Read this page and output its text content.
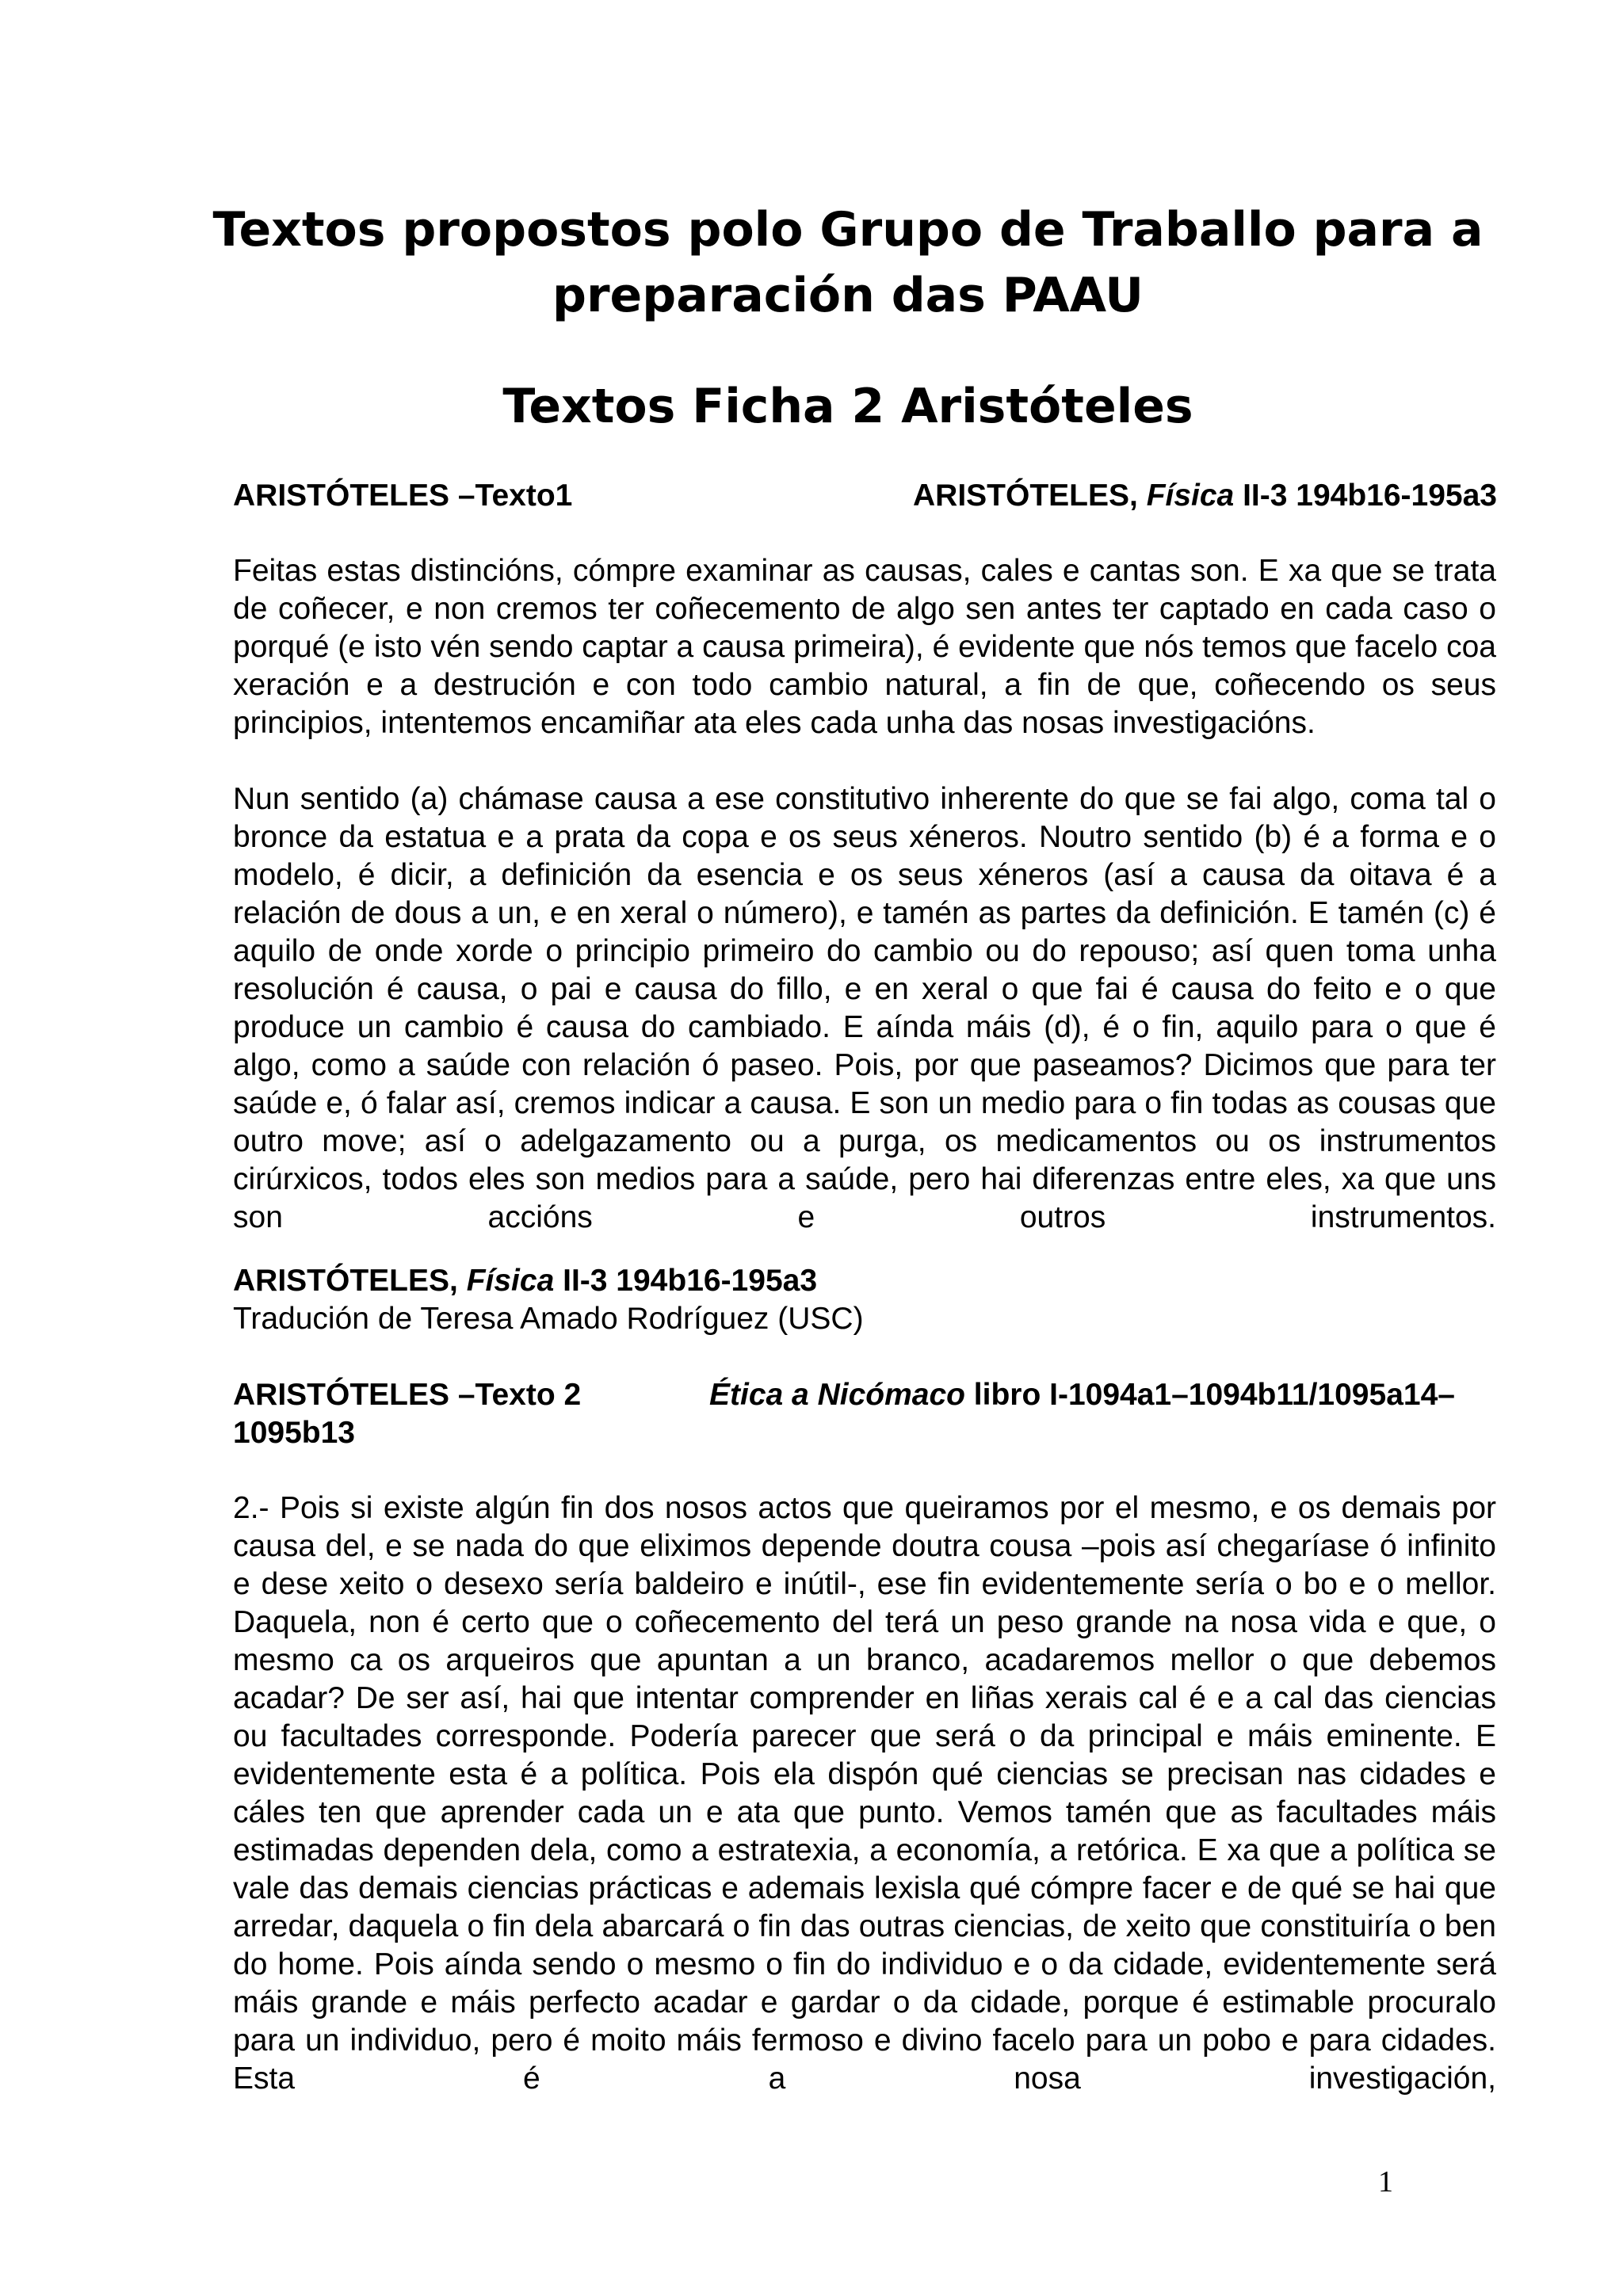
Textos propostos polo Grupo de Traballo para a
preparación das PAAU
Textos Ficha 2 Aristóteles
ARISTÓTELES –Texto1	ARISTÓTELES, Física II-3 194b16-195a3
Feitas estas distincións, cómpre examinar as causas, cales e cantas son. E xa que se trata de coñecer, e non cremos ter coñecemento de algo sen antes ter captado en cada caso o porqué (e isto vén sendo captar a causa primeira), é evidente que nós temos que facelo coa xeración e a destrución e con todo cambio natural, a fin de que, coñecendo os seus principios, intentemos encamiñar ata eles cada unha das nosas investigacións.
Nun sentido (a) chámase causa a ese constitutivo inherente do que se fai algo, coma tal o bronce da estatua e a prata da copa e os seus xéneros. Noutro sentido (b) é a forma e o modelo, é dicir, a definición da esencia e os seus xéneros (así a causa da oitava é a relación de dous a un, e en xeral o número), e tamén as partes da definición. E tamén (c) é aquilo de onde xorde o principio primeiro do cambio ou do repouso; así quen toma unha resolución é causa, o pai e causa do fillo, e en xeral o que fai é causa do feito e o que produce un cambio é causa do cambiado. E aínda máis (d), é o fin, aquilo para o que é algo, como a saúde con relación ó paseo. Pois, por que paseamos? Dicimos que para ter saúde e, ó falar así, cremos indicar a causa. E son un medio para o fin todas as cousas que outro move; así o adelgazamento ou a purga, os medicamentos ou os instrumentos cirúrxicos, todos eles son medios para a saúde, pero hai diferenzas entre eles, xa que uns son accións e outros instrumentos.
ARISTÓTELES, Física II-3 194b16-195a3
Tradución de Teresa Amado Rodríguez (USC)
ARISTÓTELES –Texto 2	Ética a Nicómaco libro I-1094a1–1094b11/1095a14–
1095b13
2.- Pois si existe algún fin dos nosos actos que queiramos por el mesmo, e os demais por causa del, e se nada do que eliximos depende doutra cousa –pois así chegaríase ó infinito e dese xeito o desexo sería baldeiro e inútil-, ese fin evidentemente sería o bo e o mellor. Daquela, non é certo que o coñecemento del terá un peso grande na nosa vida e que, o mesmo ca os arqueiros que apuntan a un branco, acadaremos mellor o que debemos acadar? De ser así, hai que intentar comprender en liñas xerais cal é e a cal das ciencias ou facultades corresponde. Podería parecer que será o da principal e máis eminente. E evidentemente esta é a política. Pois ela dispón qué ciencias se precisan nas cidades e cáles ten que aprender cada un e ata que punto. Vemos tamén que as facultades máis estimadas dependen dela, como a estratexia, a economía, a retórica. E xa que a política se vale das demais ciencias prácticas e ademais lexisla qué cómpre facer e de qué se hai que arredar, daquela o fin dela abarcará o fin das outras ciencias, de xeito que constituiría o ben do home. Pois aínda sendo o mesmo o fin do individuo e o da cidade, evidentemente será máis grande e máis perfecto acadar e gardar o da cidade, porque é estimable procuralo para un individuo, pero é moito máis fermoso e divino facelo para un pobo e para cidades. Esta é a nosa investigación,
1
